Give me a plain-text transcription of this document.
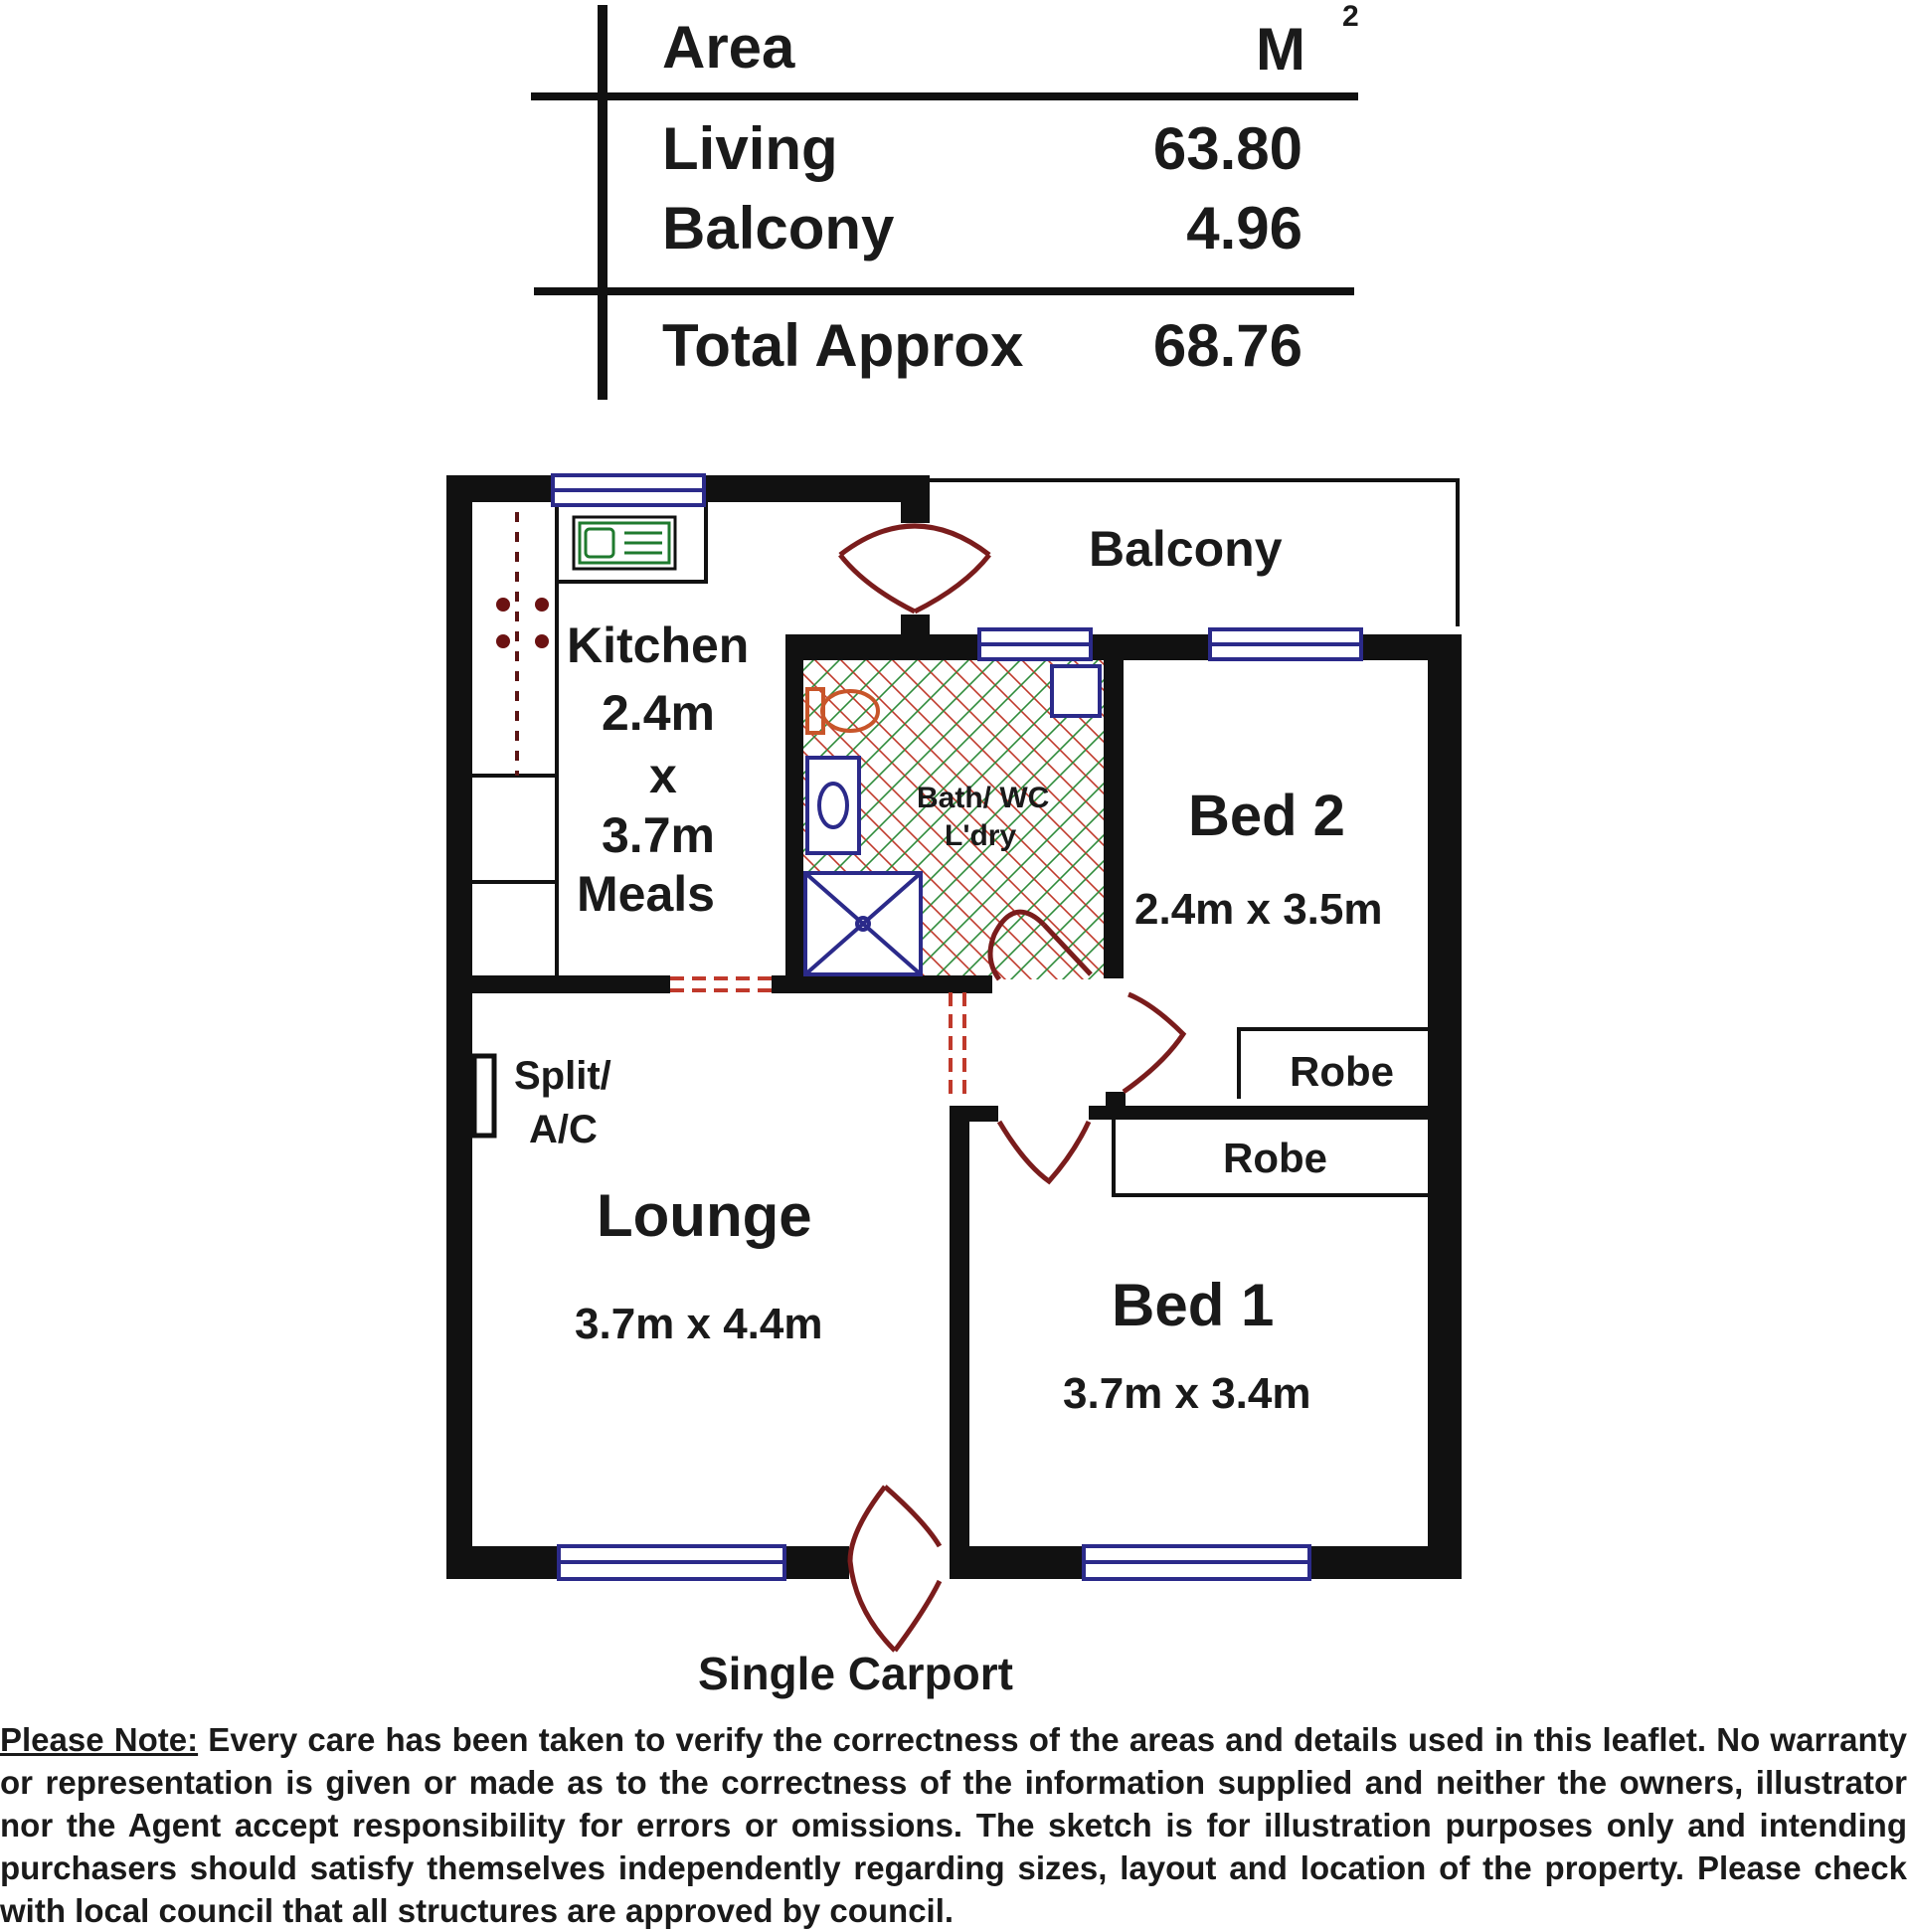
Area	M 2
Living	63.80
Balcony	4.96
Total Approx	68.76
Balcony
Kitchen
2.4m
x
3.7m
Meals
Bath/ WC
L'dry	Bed 2
2.4m x 3.5m
Robe
Robe
Split/
A/C
Lounge
3.7m x 4.4m	Bed 1
3.7m x 3.4m
Single Carport
Please Note: Every care has been taken to verify the correctness of the areas and details used in this leaflet. No warranty or representation is given or made as to the correctness of the information supplied and neither the owners, illustrator nor the Agent accept responsibility for errors or omissions. The sketch is for illustration purposes only and intending purchasers should satisfy themselves independently regarding sizes, layout and location of the property. Please check with local council that all structures are approved by council.
